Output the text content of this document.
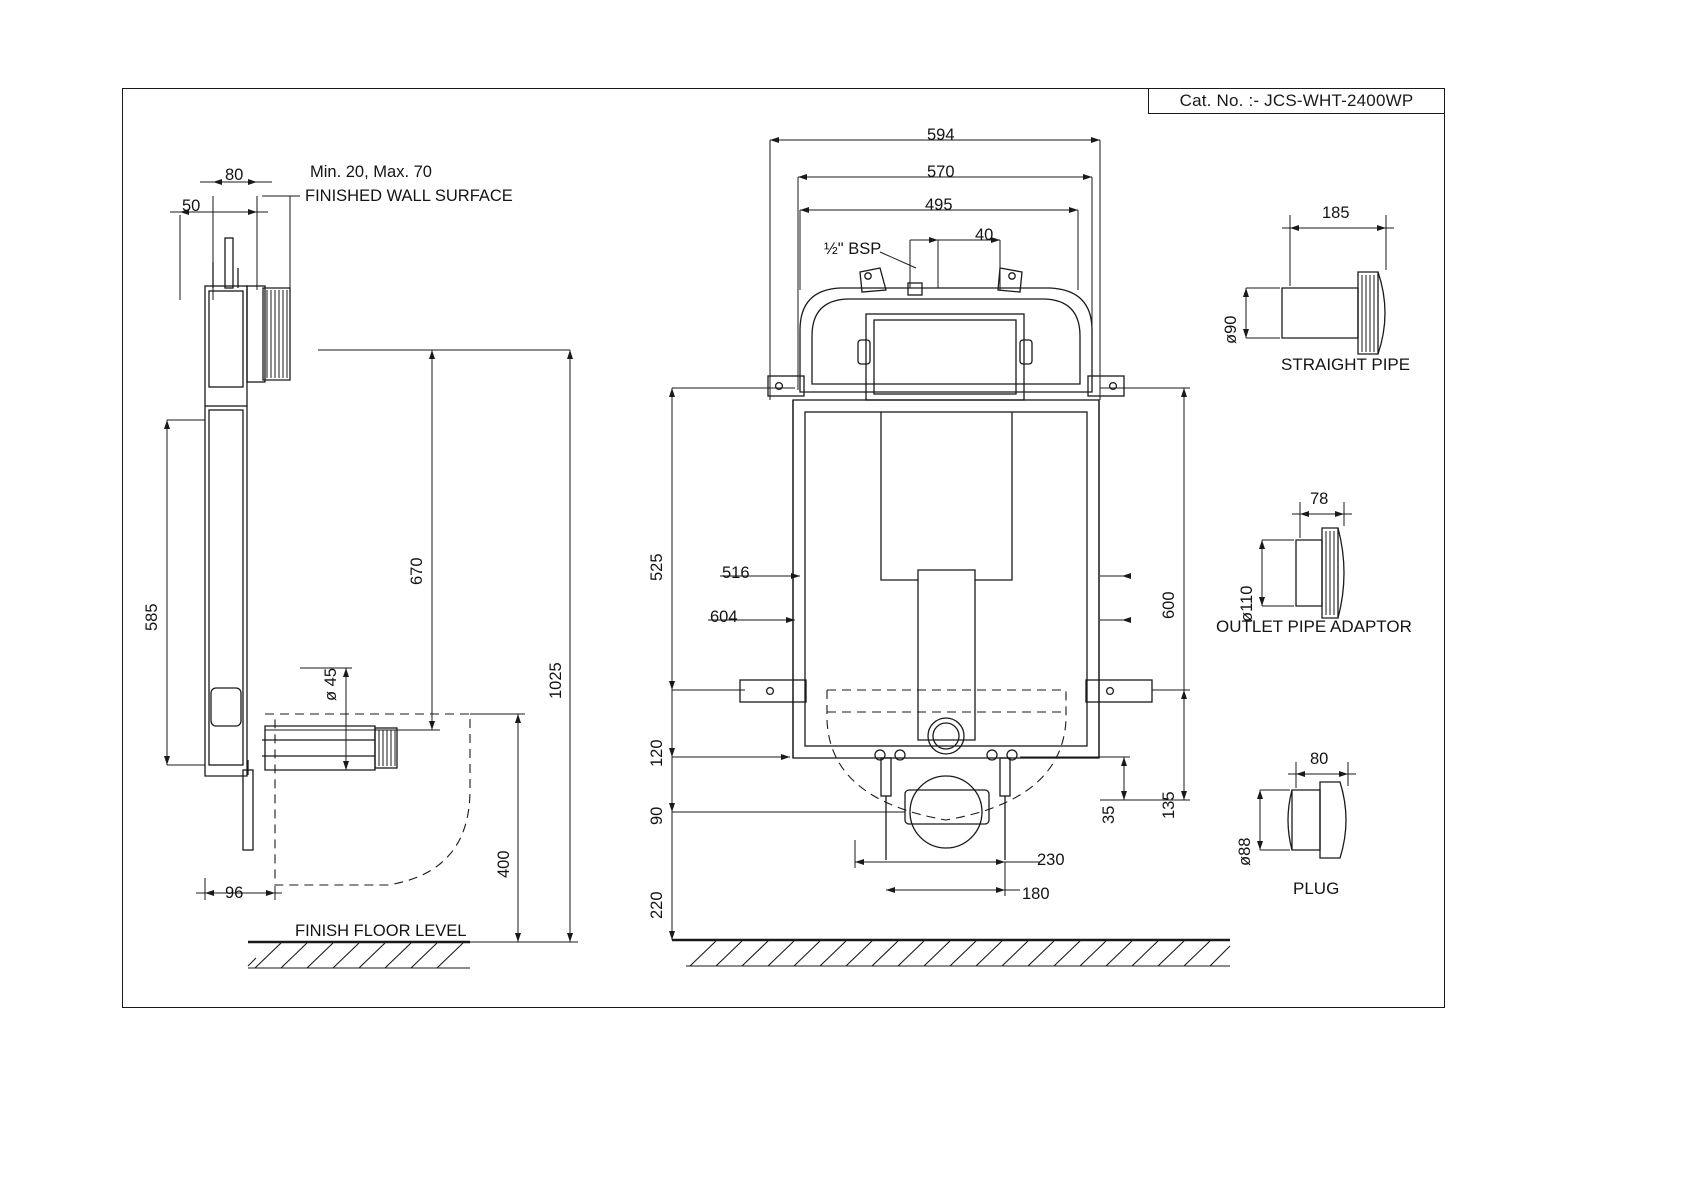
Cat. No. :- JCS-WHT-2400WP
80
50
Min. 20, Max. 70
FINISHED WALL SURFACE
585
670
1025
ø 45
400
96
FINISH FLOOR LEVEL
594
570
495
40
½" BSP
525	516
604
120
90
220
600
135
35
230
180
185
ø90
STRAIGHT PIPE
78
ø110
OUTLET PIPE ADAPTOR
80
ø88
PLUG
